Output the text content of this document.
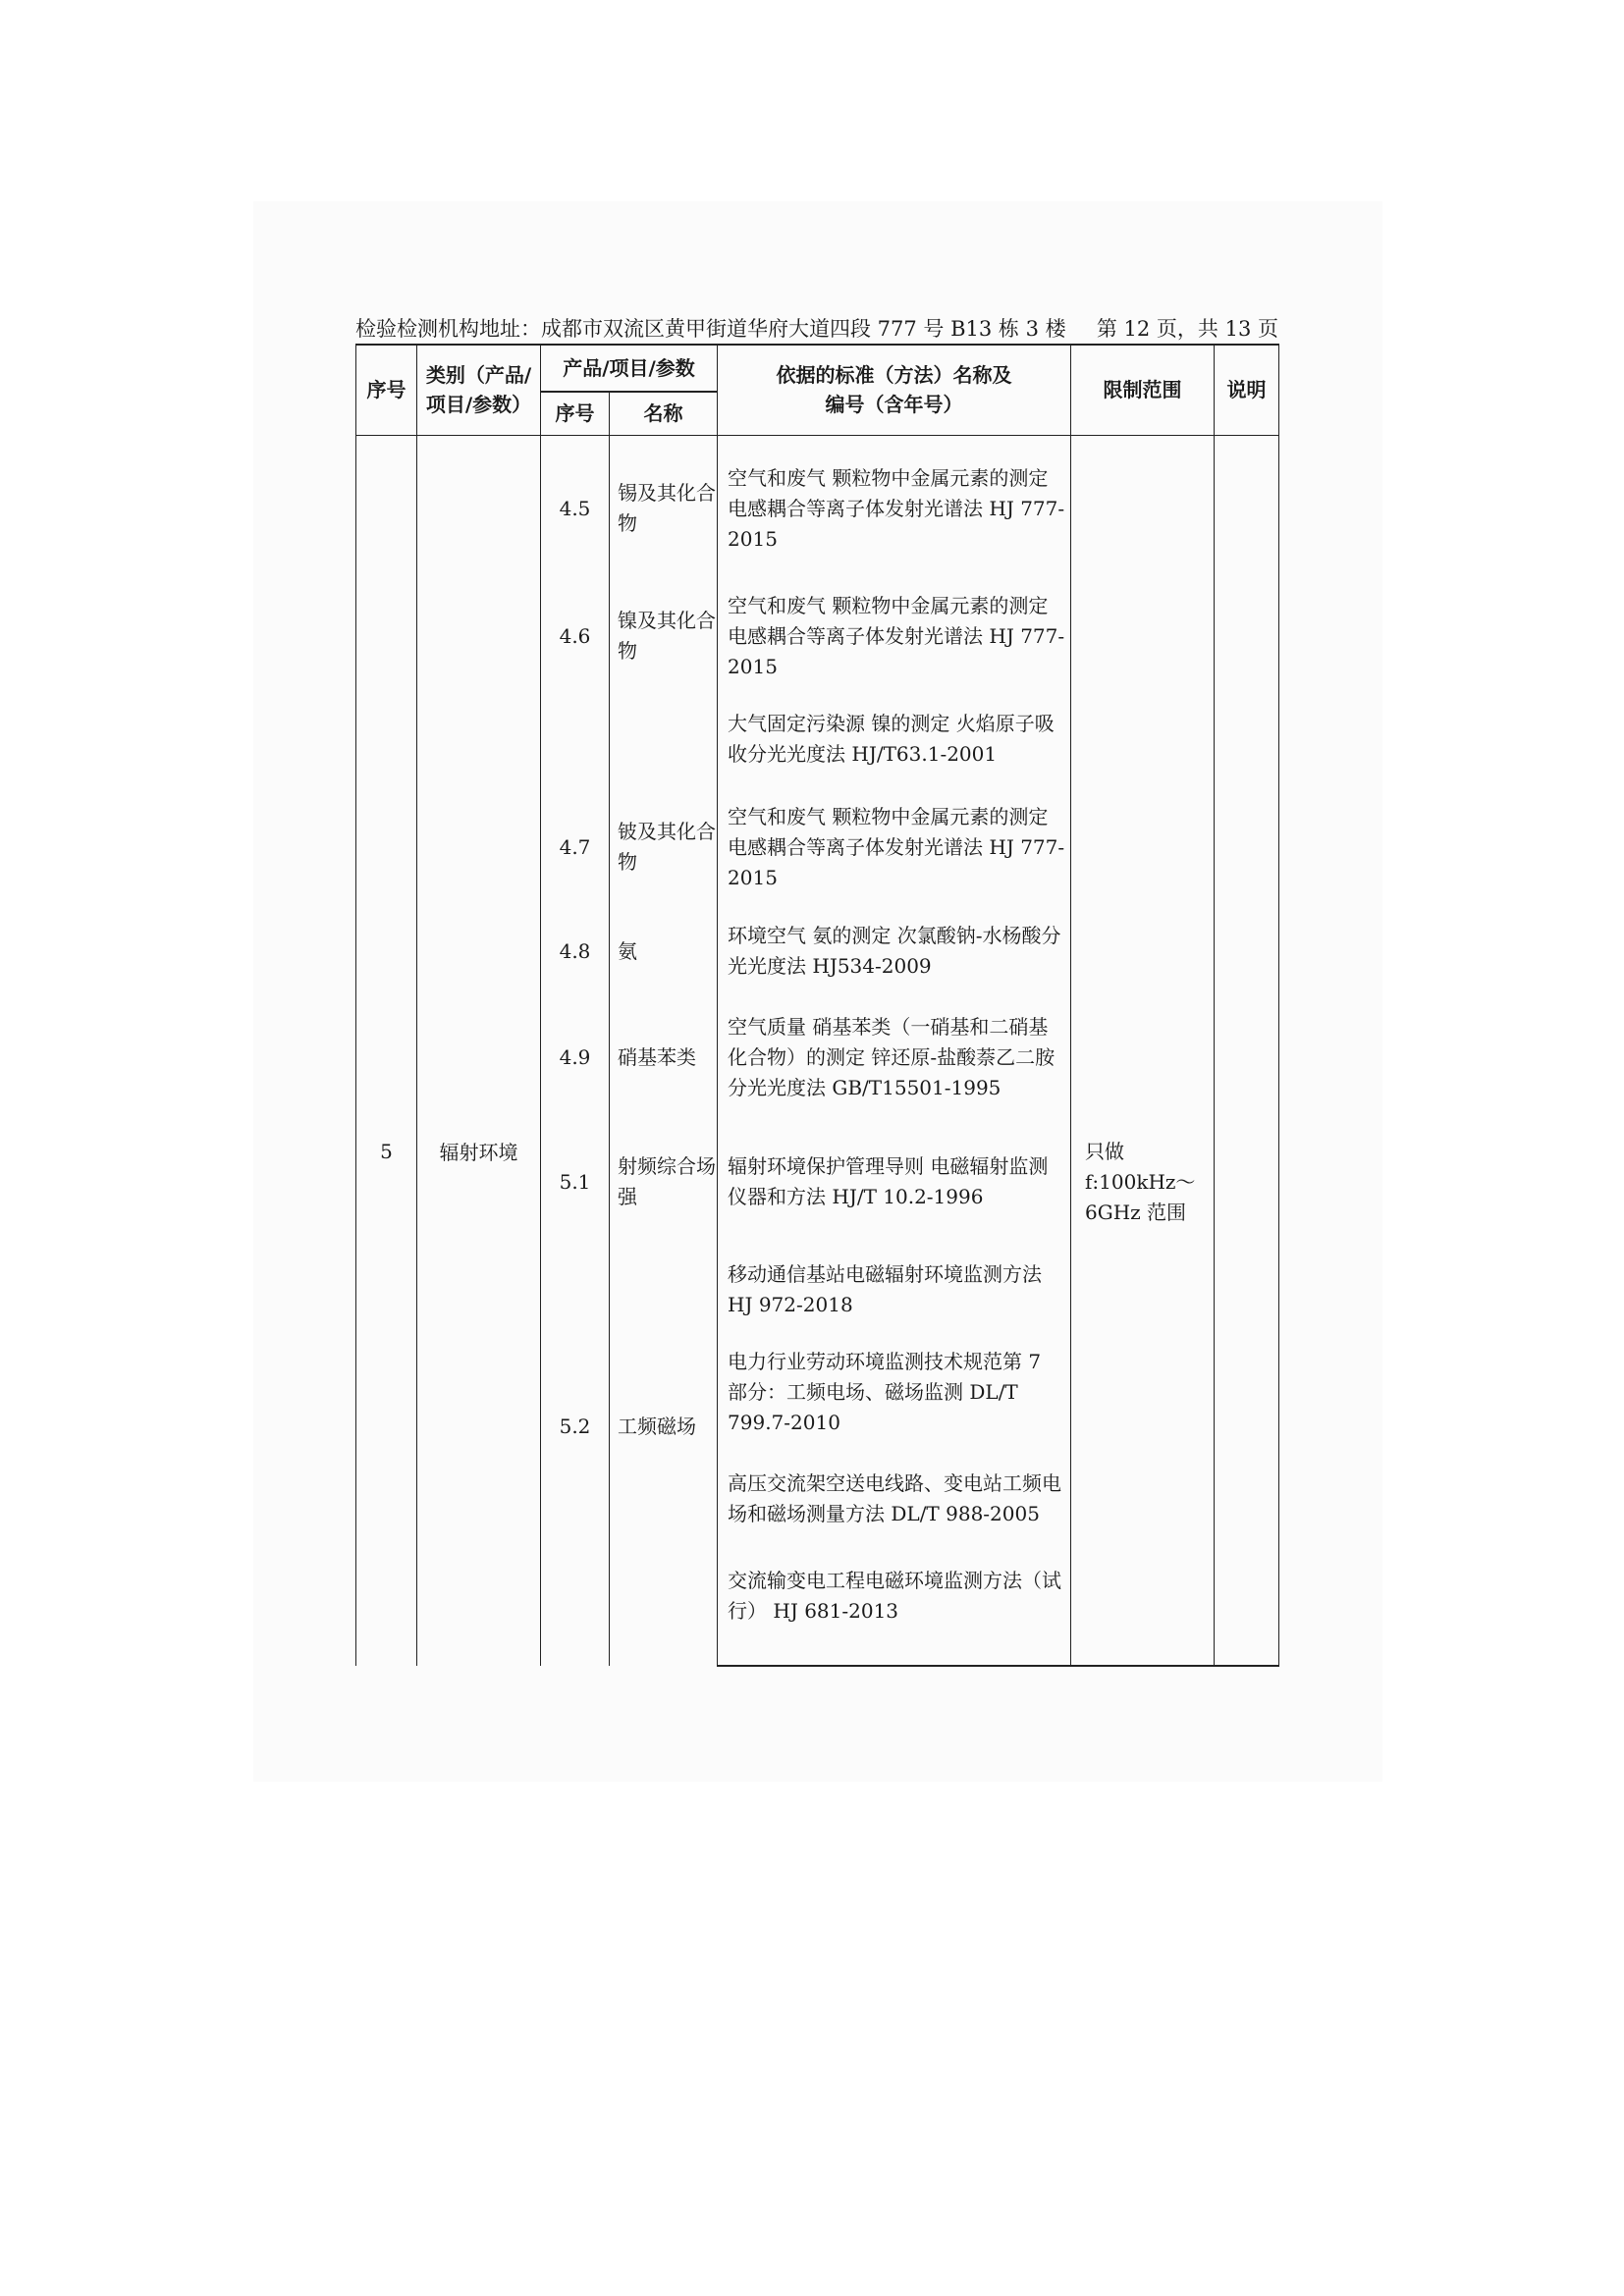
检验检测机构地址：成都市双流区黄甲街道华府大道四段 777 号 B13 栋 3 楼 第 12 页，共 13 页
序号	类别（产品/项目/参数）	产品/项目/参数		依据的标准（方法）名称及编号（含年号）	限制范围	说明
		序号	名称			
5	辐射环境	4.5	锡及其化合物	空气和废气 颗粒物中金属元素的测定 电感耦合等离子体发射光谱法 HJ 777-2015		
		4.6	镍及其化合物	空气和废气 颗粒物中金属元素的测定 电感耦合等离子体发射光谱法 HJ 777-2015		
				大气固定污染源 镍的测定 火焰原子吸收分光光度法 HJ/T63.1-2001		
		4.7	铍及其化合物	空气和废气 颗粒物中金属元素的测定 电感耦合等离子体发射光谱法 HJ 777-2015		
		4.8	氨	环境空气 氨的测定 次氯酸钠-水杨酸分光光度法 HJ534-2009		
		4.9	硝基苯类	空气质量 硝基苯类（一硝基和二硝基化合物）的测定 锌还原-盐酸萘乙二胺分光光度法 GB/T15501-1995		
		5.1	射频综合场强	辐射环境保护管理导则 电磁辐射监测仪器和方法 HJ/T 10.2-1996	只做 f:100kHz～6GHz 范围	
		5.2	工频磁场	移动通信基站电磁辐射环境监测方法 HJ 972-2018		
				电力行业劳动环境监测技术规范第 7 部分：工频电场、磁场监测 DL/T 799.7-2010		
				高压交流架空送电线路、变电站工频电场和磁场测量方法 DL/T 988-2005		
				交流输变电工程电磁环境监测方法（试行） HJ 681-2013		
